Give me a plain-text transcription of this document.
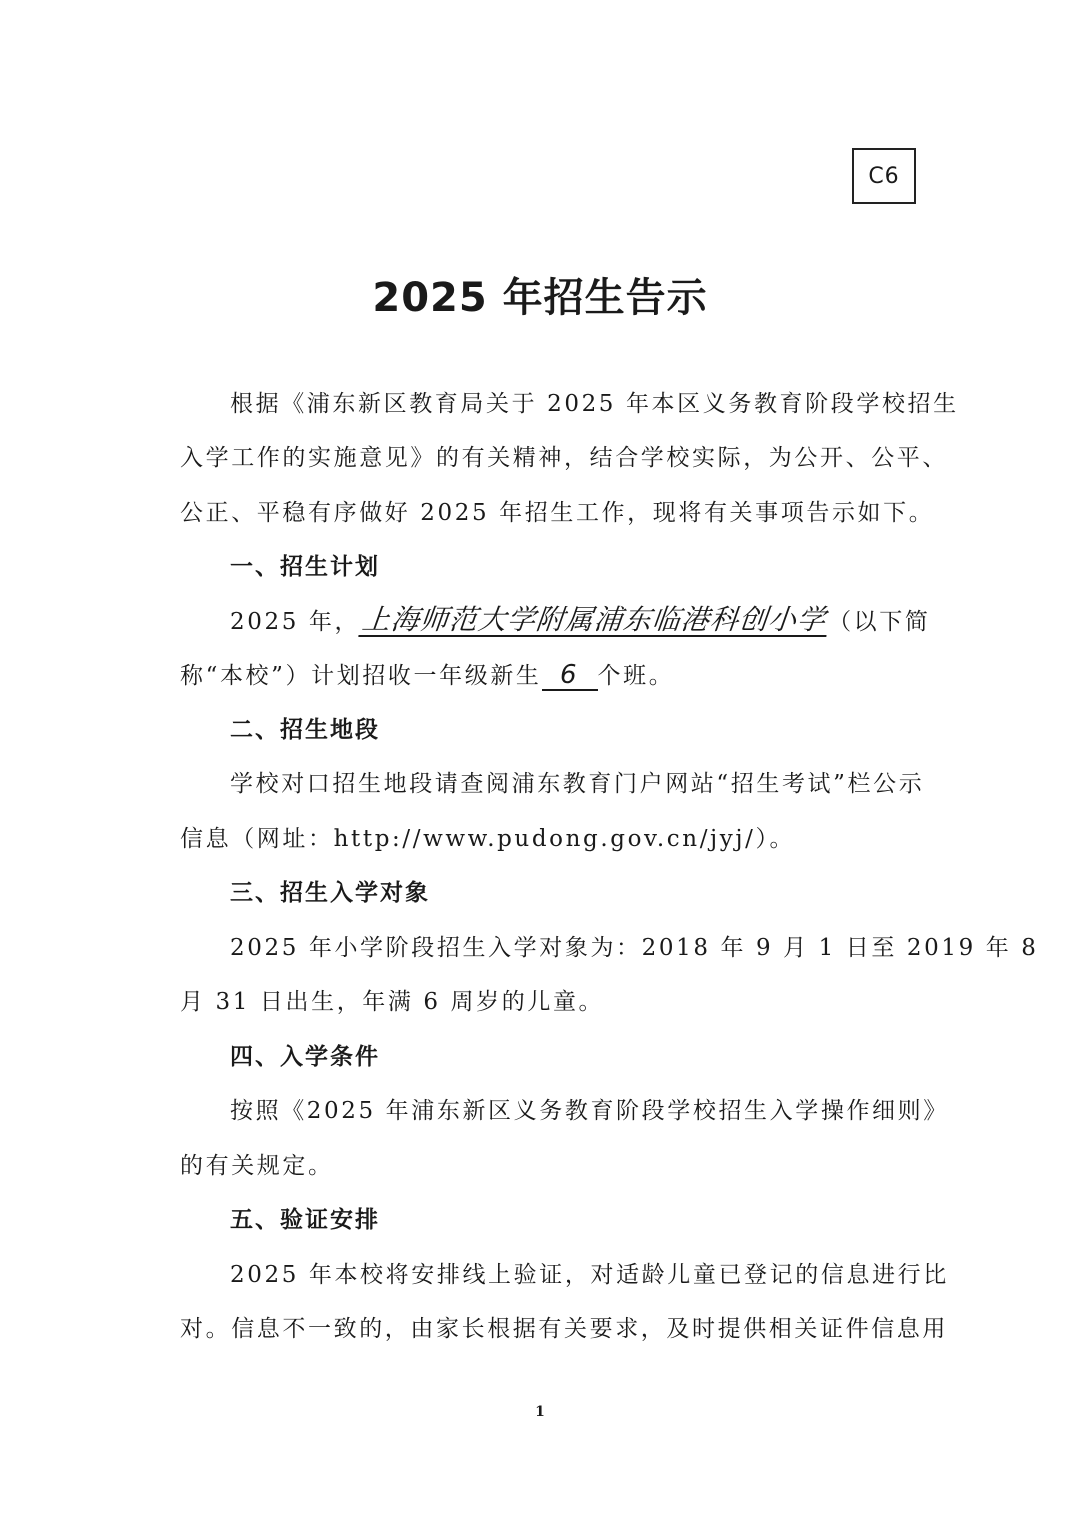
C6
2025 年招生告示
根据《浦东新区教育局关于 2025 年本区义务教育阶段学校招生
入学工作的实施意见》的有关精神，结合学校实际，为公开、公平、
公正、平稳有序做好 2025 年招生工作，现将有关事项告示如下。
一、招生计划
2025 年，上海师范大学附属浦东临港科创小学（以下简
称“本校”）计划招收一年级新生 6 个班。
二、招生地段
学校对口招生地段请查阅浦东教育门户网站“招生考试”栏公示
信息（网址：http://www.pudong.gov.cn/jyj/）。
三、招生入学对象
2025 年小学阶段招生入学对象为：2018 年 9 月 1 日至 2019 年 8
月 31 日出生，年满 6 周岁的儿童。
四、入学条件
按照《2025 年浦东新区义务教育阶段学校招生入学操作细则》
的有关规定。
五、验证安排
2025 年本校将安排线上验证，对适龄儿童已登记的信息进行比
对。信息不一致的，由家长根据有关要求，及时提供相关证件信息用
1
